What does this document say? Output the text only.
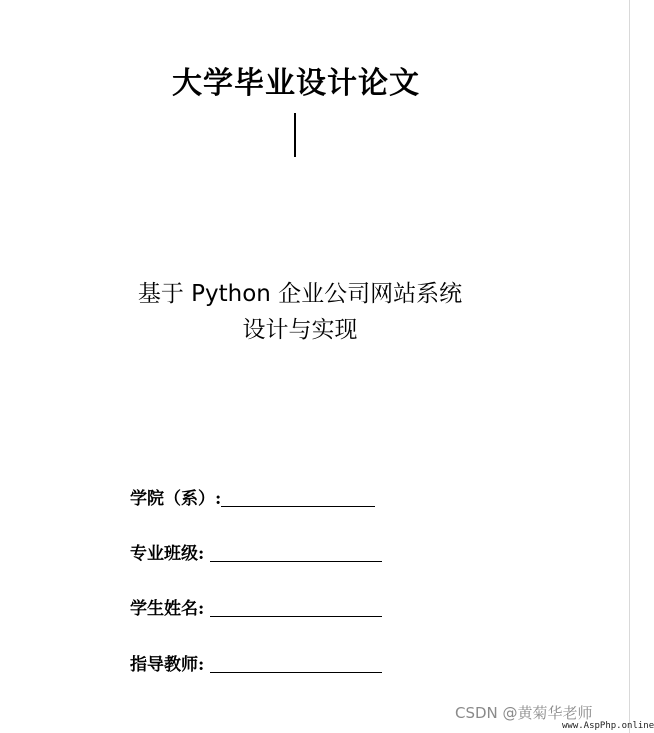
大学毕业设计论文
基于 Python 企业公司网站系统
设计与实现
学院（系）:
专业班级:
学生姓名:
指导教师:
CSDN @黄菊华老师
www.AspPhp.online
